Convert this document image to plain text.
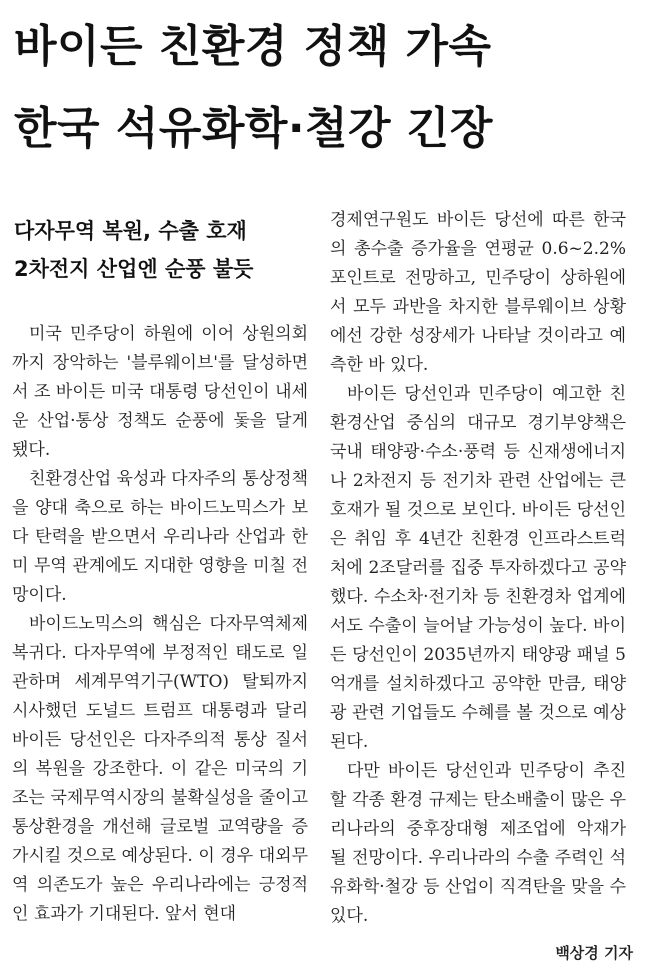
바이든 친환경 정책 가속
한국 석유화학·철강 긴장
다자무역 복원, 수출 호재
2차전지 산업엔 순풍 불듯

미국 민주당이 하원에 이어 상원의회까지 장악하는 '블루웨이브'를 달성하면서 조 바이든 미국 대통령 당선인이 내세운 산업·통상 정책도 순풍에 돛을 달게 됐다.

친환경산업 육성과 다자주의 통상정책을 양대 축으로 하는 바이드노믹스가 보다 탄력을 받으면서 우리나라 산업과 한미 무역 관계에도 지대한 영향을 미칠 전망이다.

바이드노믹스의 핵심은 다자무역체제 복귀다. 다자무역에 부정적인 태도로 일관하며 세계무역기구(WTO) 탈퇴까지 시사했던 도널드 트럼프 대통령과 달리 바이든 당선인은 다자주의적 통상 질서의 복원을 강조한다. 이 같은 미국의 기조는 국제무역시장의 불확실성을 줄이고 통상환경을 개선해 글로벌 교역량을 증가시킬 것으로 예상된다. 이 경우 대외무역 의존도가 높은 우리나라에는 긍정적인 효과가 기대된다. 앞서 현대

경제연구원도 바이든 당선에 따른 한국의 총수출 증가율을 연평균 0.6~2.2%포인트로 전망하고, 민주당이 상하원에서 모두 과반을 차지한 블루웨이브 상황에선 강한 성장세가 나타날 것이라고 예측한 바 있다.

바이든 당선인과 민주당이 예고한 친환경산업 중심의 대규모 경기부양책은 국내 태양광·수소·풍력 등 신재생에너지나 2차전지 등 전기차 관련 산업에는 큰 호재가 될 것으로 보인다. 바이든 당선인은 취임 후 4년간 친환경 인프라스트럭처에 2조달러를 집중 투자하겠다고 공약했다. 수소차·전기차 등 친환경차 업계에서도 수출이 늘어날 가능성이 높다. 바이든 당선인이 2035년까지 태양광 패널 5억개를 설치하겠다고 공약한 만큼, 태양광 관련 기업들도 수혜를 볼 것으로 예상된다.

다만 바이든 당선인과 민주당이 추진할 각종 환경 규제는 탄소배출이 많은 우리나라의 중후장대형 제조업에 악재가 될 전망이다. 우리나라의 수출 주력인 석유화학·철강 등 산업이 직격탄을 맞을 수 있다.

백상경 기자
